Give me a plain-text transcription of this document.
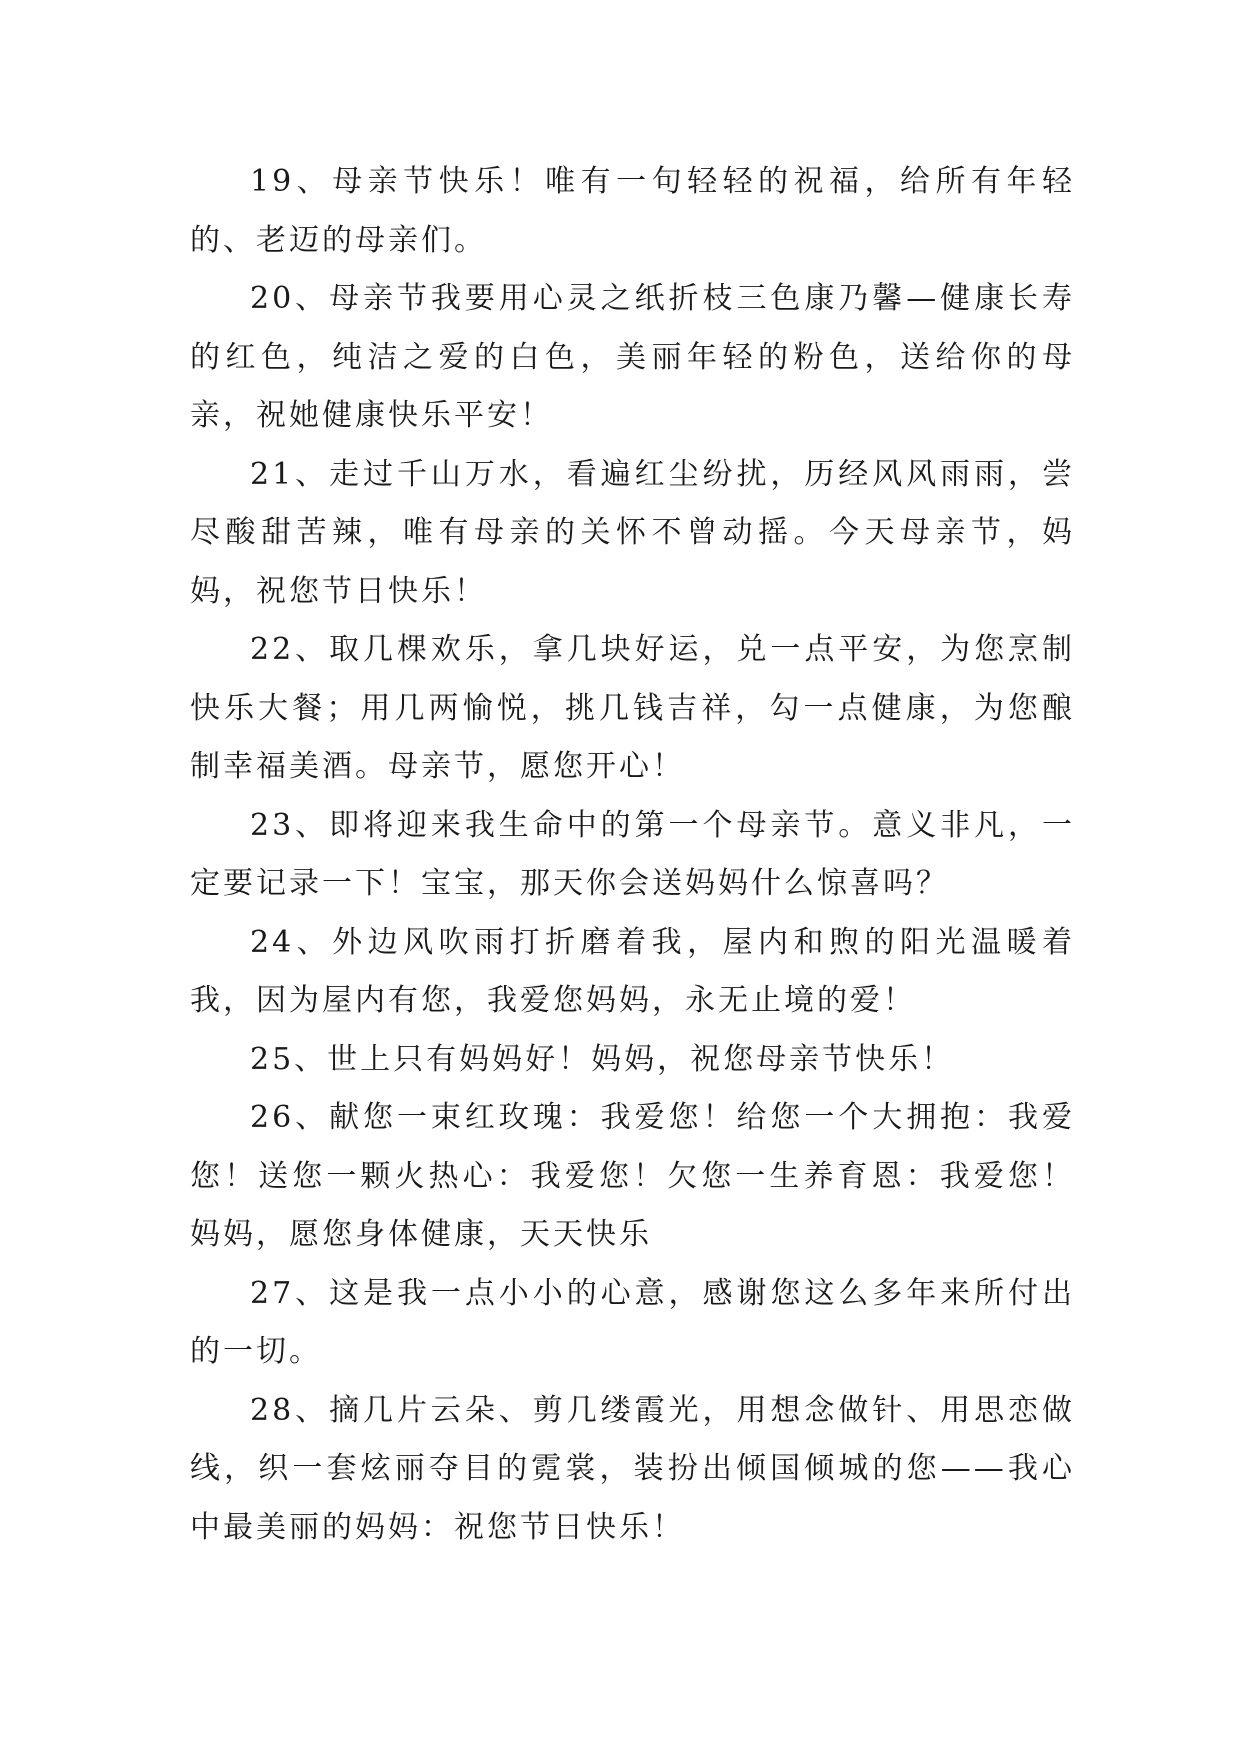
19、母亲节快乐！唯有一句轻轻的祝福，给所有年轻的、老迈的母亲们。

20、母亲节我要用心灵之纸折枝三色康乃馨—健康长寿的红色，纯洁之爱的白色，美丽年轻的粉色，送给你的母亲，祝她健康快乐平安！

21、走过千山万水，看遍红尘纷扰，历经风风雨雨，尝尽酸甜苦辣，唯有母亲的关怀不曾动摇。今天母亲节，妈妈，祝您节日快乐！

22、取几棵欢乐，拿几块好运，兑一点平安，为您烹制快乐大餐；用几两愉悦，挑几钱吉祥，勾一点健康，为您酿制幸福美酒。母亲节，愿您开心！

23、即将迎来我生命中的第一个母亲节。意义非凡，一定要记录一下！宝宝，那天你会送妈妈什么惊喜吗？

24、外边风吹雨打折磨着我，屋内和煦的阳光温暖着我，因为屋内有您，我爱您妈妈，永无止境的爱！

25、世上只有妈妈好！妈妈，祝您母亲节快乐！

26、献您一束红玫瑰：我爱您！给您一个大拥抱：我爱您！送您一颗火热心：我爱您！欠您一生养育恩：我爱您！妈妈，愿您身体健康，天天快乐

27、这是我一点小小的心意，感谢您这么多年来所付出的一切。

28、摘几片云朵、剪几缕霞光，用想念做针、用思恋做线，织一套炫丽夺目的霓裳，装扮出倾国倾城的您——我心中最美丽的妈妈：祝您节日快乐！
